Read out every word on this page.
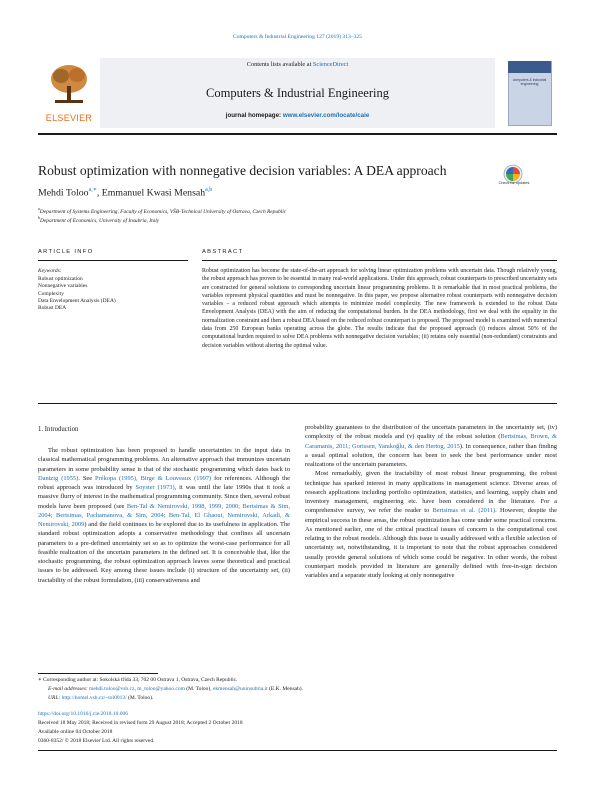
Computers & Industrial Engineering 127 (2019) 313–325
ELSEVIER
Contents lists available at ScienceDirect
Computers & Industrial Engineering
journal homepage: www.elsevier.com/locate/caie
computers & industrial engineering
Robust optimization with nonnegative decision variables: A DEA approach
Check for updates
Mehdi Toloo$^{a,∗}$, Emmanuel Kwasi Mensah$^{a,b}$
$^a$Department of Systems Engineering, Faculty of Economics, VŠB-Technical University of Ostrava, Czech Republic
$^b$Department of Economics, University of Insubria, Italy
ARTICLE INFO	ABSTRACT
Keywords:
Robust optimization
Nonnegative variables
Complexity
Data Envelopment Analysis (DEA)
Robust DEA
Robust optimization has become the state-of-the-art approach for solving linear optimization problems with uncertain data. Though relatively young, the robust approach has proven to be essential in many real-world applications. Under this approach, robust counterparts to prescribed uncertainty sets are constructed for general solutions to corresponding uncertain linear programming problems. It is remarkable that in most practical problems, the variables represent physical quantities and must be nonnegative. In this paper, we propose alternative robust counterparts with nonnegative decision variables – a reduced robust approach which attempts to minimize model complexity. The new framework is extended to the robust Data Envelopment Analysis (DEA) with the aim of reducing the computational burden. In the DEA methodology, first we deal with the equality in the normalization constraint and then a robust DEA based on the reduced robust counterpart is proposed. The proposed model is examined with numerical data from 250 European banks operating across the globe. The results indicate that the proposed approach (i) reduces almost 50% of the computational burden required to solve DEA problems with nonnegative decision variables; (ii) retains only essential (non-redundant) constraints and decision variables without altering the optimal value.
1. Introduction

The robust optimization has been proposed to handle uncertainties in the input data in classical mathematical programming problems. An alternative approach that immunizes uncertain parameters in some probability sense is that of the stochastic programming which dates back to Dantzig (1955). See Prékopa (1995), Birge & Louveaux (1997) for references. Although the robust approach was introduced by Soyster (1973), it was until the late 1990s that it took a massive flurry of interest in the mathematical programming community. Since then, several robust models have been proposed (see Ben-Tal & Nemirovski, 1998, 1999, 2000; Bertsimas & Sim, 2004; Bertsimas, Pachamanova, & Sim, 2004; Ben-Tal, El Ghaoui, Nemirovski, Arkadi, & Nemirovski, 2009) and the field continues to be explored due to its usefulness in application. The standard robust optimization adopts a conservative methodology that confines all uncertain parameters to a pre-defined uncertainty set so as to optimize the worst-case performance for all feasible realization of the uncertain parameters in the defined set. It is conceivable that, like the stochastic programming, the robust optimization approach leaves some theoretical and practical issues to be addressed. Key among these issues include (i) structure of the uncertainty set, (ii) tractability of the robust formulation, (iii) conservativeness and

probability guarantees to the distribution of the uncertain parameters in the uncertainty set, (iv) complexity of the robust models and (v) quality of the robust solution (Bertsimas, Brown, & Caramanis, 2011; Gorissen, Yanıkoğlu, & den Hertog, 2015). In consequence, rather than finding a usual optimal solution, the concern has been to seek the best performance under most realizations of the uncertain parameters.

Most remarkably, given the tractability of most robust linear programming, the robust technique has sparked interest in many applications in management science. Diverse areas of research applications including portfolio optimization, statistics, and learning, supply chain and inventory management, engineering etc. have been considered in the literature. For a comprehensive survey, we refer the reader to Bertsimas et al. (2011). However, despite the empirical success in these areas, the robust optimization has come under some practical concerns. As mentioned earlier, one of the critical practical issues of concern is the computational cost relating to the robust models. Although this issue is usually addressed with a flexible selection of uncertainty set, notwithstanding, it is important to note that the robust approaches considered usually provide general solutions of which some could be negative. In other words, the robust counterpart models provided in literature are generally defined with free-in-sign decision variables and a separate study looking at only nonnegative

∗ Corresponding author at: Sokolská třída 33, 702 00 Ostrava 1, Ostrava, Czech Republic.
E-mail addresses: mehdi.toloo@vsb.cz, m_toloo@yahoo.com (M. Toloo), ekmensah@uninsubria.it (E.K. Mensah).
URL: http://homel.vsb.cz/~tol0013/ (M. Toloo).
https://doi.org/10.1016/j.cie.2018.10.006
Received 18 May 2018; Received in revised form 29 August 2018; Accepted 2 October 2018
Available online 04 October 2018
0360-8352/ © 2018 Elsevier Ltd. All rights reserved.
